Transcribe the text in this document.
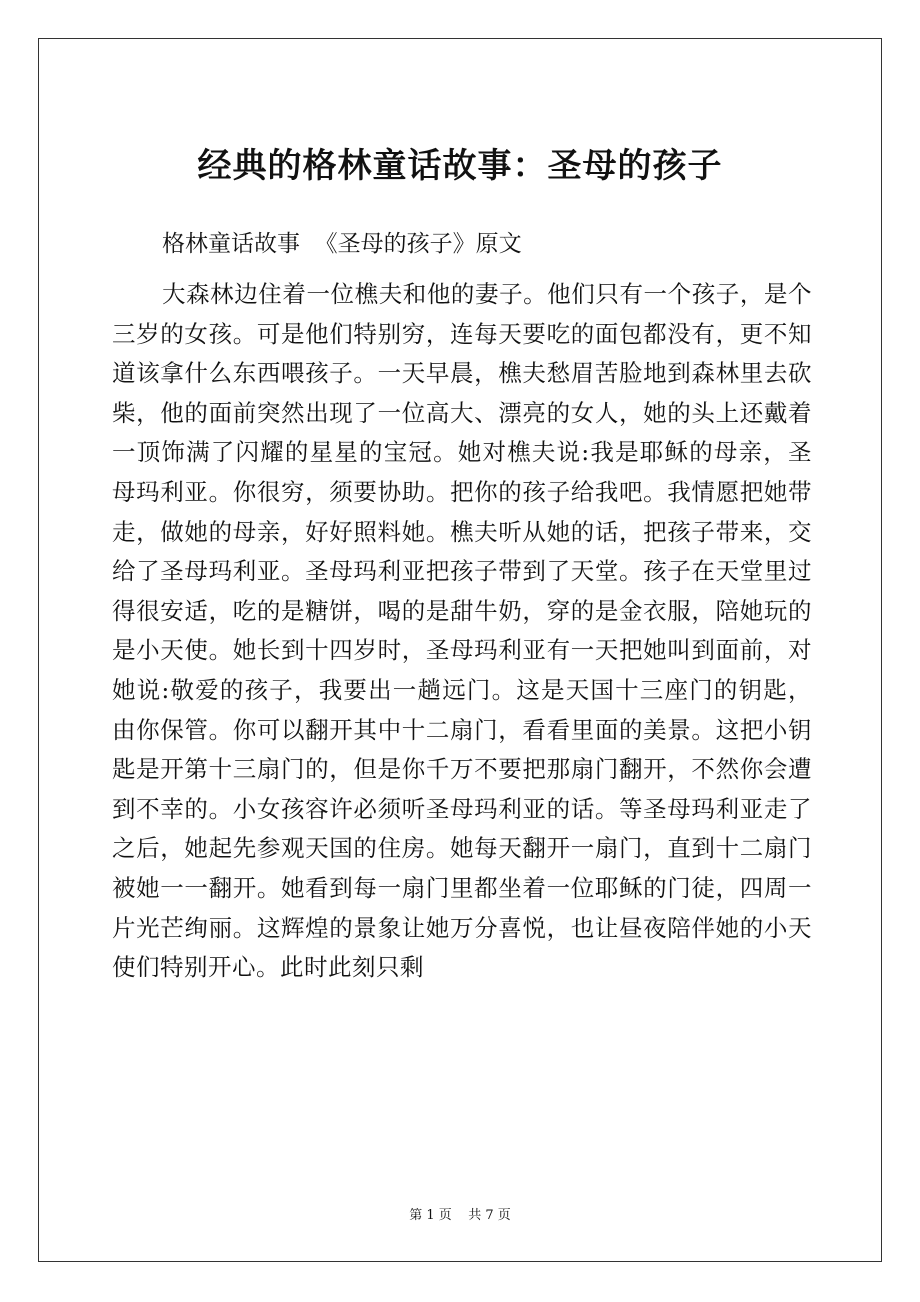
经典的格林童话故事：圣母的孩子

格林童话故事  《圣母的孩子》原文

大森林边住着一位樵夫和他的妻子。他们只有一个孩子，是个三岁的女孩。可是他们特别穷，连每天要吃的面包都没有，更不知道该拿什么东西喂孩子。一天早晨，樵夫愁眉苦脸地到森林里去砍柴，他的面前突然出现了一位高大、漂亮的女人，她的头上还戴着一顶饰满了闪耀的星星的宝冠。她对樵夫说:我是耶稣的母亲，圣母玛利亚。你很穷，须要协助。把你的孩子给我吧。我情愿把她带走，做她的母亲，好好照料她。樵夫听从她的话，把孩子带来，交给了圣母玛利亚。圣母玛利亚把孩子带到了天堂。孩子在天堂里过得很安适，吃的是糖饼，喝的是甜牛奶，穿的是金衣服，陪她玩的是小天使。她长到十四岁时，圣母玛利亚有一天把她叫到面前，对她说:敬爱的孩子，我要出一趟远门。这是天国十三座门的钥匙，由你保管。你可以翻开其中十二扇门，看看里面的美景。这把小钥匙是开第十三扇门的，但是你千万不要把那扇门翻开，不然你会遭到不幸的。小女孩容许必须听圣母玛利亚的话。等圣母玛利亚走了之后，她起先参观天国的住房。她每天翻开一扇门，直到十二扇门被她一一翻开。她看到每一扇门里都坐着一位耶稣的门徒，四周一片光芒绚丽。这辉煌的景象让她万分喜悦，也让昼夜陪伴她的小天使们特别开心。此时此刻只剩

第 1 页    共 7 页
